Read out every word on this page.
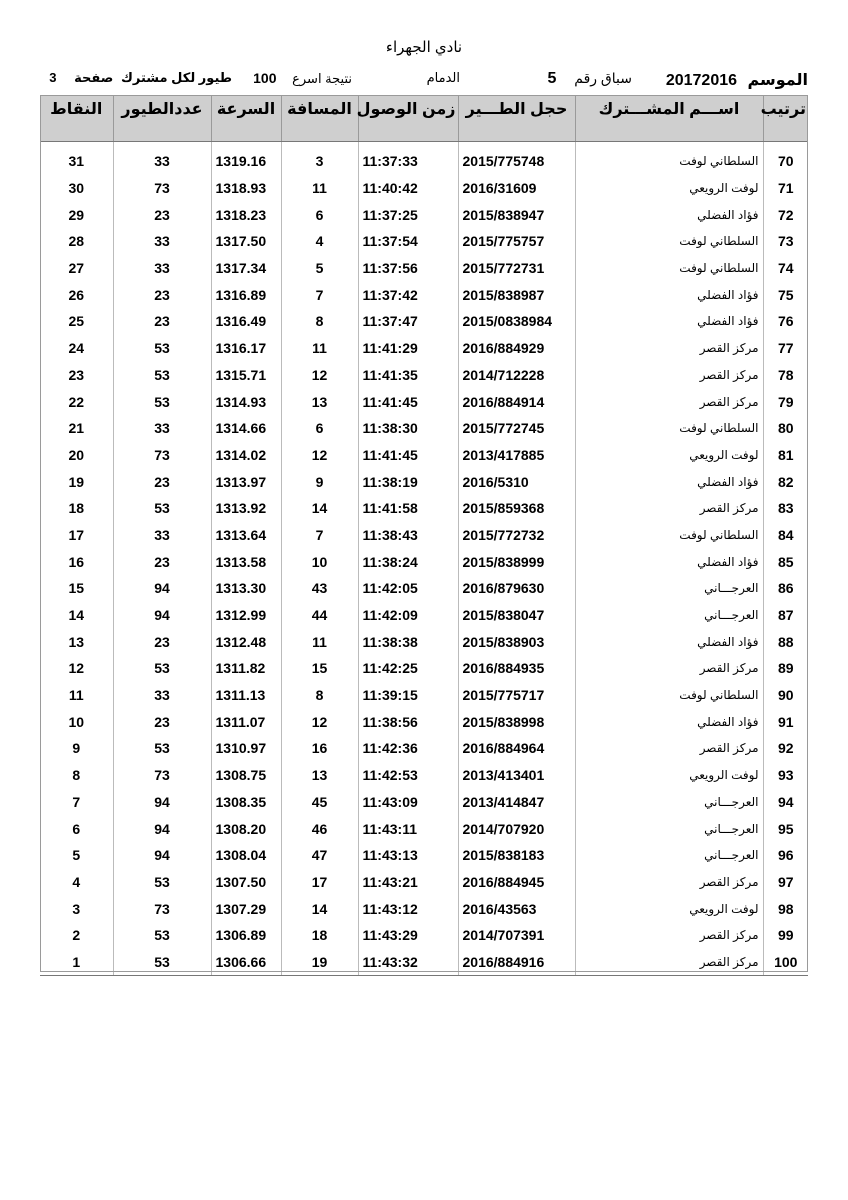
نادي الجهراء
الموسم 20172016
سباق رقم 5
الدمام
نتيجة اسرع 100
طيور لكل مشترك صفحة 3
ترتيب	اســـم المشـــترك	حجل الطـــير	زمن الوصول	المسافة	السرعة	عددالطيور	النقاط

70	السلطاني لوفت	2015/775748	11:37:33	3	1319.16	33	31
71	لوفت الرويعي	2016/31609	11:40:42	11	1318.93	73	30
72	فؤاد الفضلي	2015/838947	11:37:25	6	1318.23	23	29
73	السلطاني لوفت	2015/775757	11:37:54	4	1317.50	33	28
74	السلطاني لوفت	2015/772731	11:37:56	5	1317.34	33	27
75	فؤاد الفضلي	2015/838987	11:37:42	7	1316.89	23	26
76	فؤاد الفضلي	2015/0838984	11:37:47	8	1316.49	23	25
77	مركز القصر	2016/884929	11:41:29	11	1316.17	53	24
78	مركز القصر	2014/712228	11:41:35	12	1315.71	53	23
79	مركز القصر	2016/884914	11:41:45	13	1314.93	53	22
80	السلطاني لوفت	2015/772745	11:38:30	6	1314.66	33	21
81	لوفت الرويعي	2013/417885	11:41:45	12	1314.02	73	20
82	فؤاد الفضلي	2016/5310	11:38:19	9	1313.97	23	19
83	مركز القصر	2015/859368	11:41:58	14	1313.92	53	18
84	السلطاني لوفت	2015/772732	11:38:43	7	1313.64	33	17
85	فؤاد الفضلي	2015/838999	11:38:24	10	1313.58	23	16
86	العرجـــاني	2016/879630	11:42:05	43	1313.30	94	15
87	العرجـــاني	2015/838047	11:42:09	44	1312.99	94	14
88	فؤاد الفضلي	2015/838903	11:38:38	11	1312.48	23	13
89	مركز القصر	2016/884935	11:42:25	15	1311.82	53	12
90	السلطاني لوفت	2015/775717	11:39:15	8	1311.13	33	11
91	فؤاد الفضلي	2015/838998	11:38:56	12	1311.07	23	10
92	مركز القصر	2016/884964	11:42:36	16	1310.97	53	9
93	لوفت الرويعي	2013/413401	11:42:53	13	1308.75	73	8
94	العرجـــاني	2013/414847	11:43:09	45	1308.35	94	7
95	العرجـــاني	2014/707920	11:43:11	46	1308.20	94	6
96	العرجـــاني	2015/838183	11:43:13	47	1308.04	94	5
97	مركز القصر	2016/884945	11:43:21	17	1307.50	53	4
98	لوفت الرويعي	2016/43563	11:43:12	14	1307.29	73	3
99	مركز القصر	2014/707391	11:43:29	18	1306.89	53	2
100	مركز القصر	2016/884916	11:43:32	19	1306.66	53	1
